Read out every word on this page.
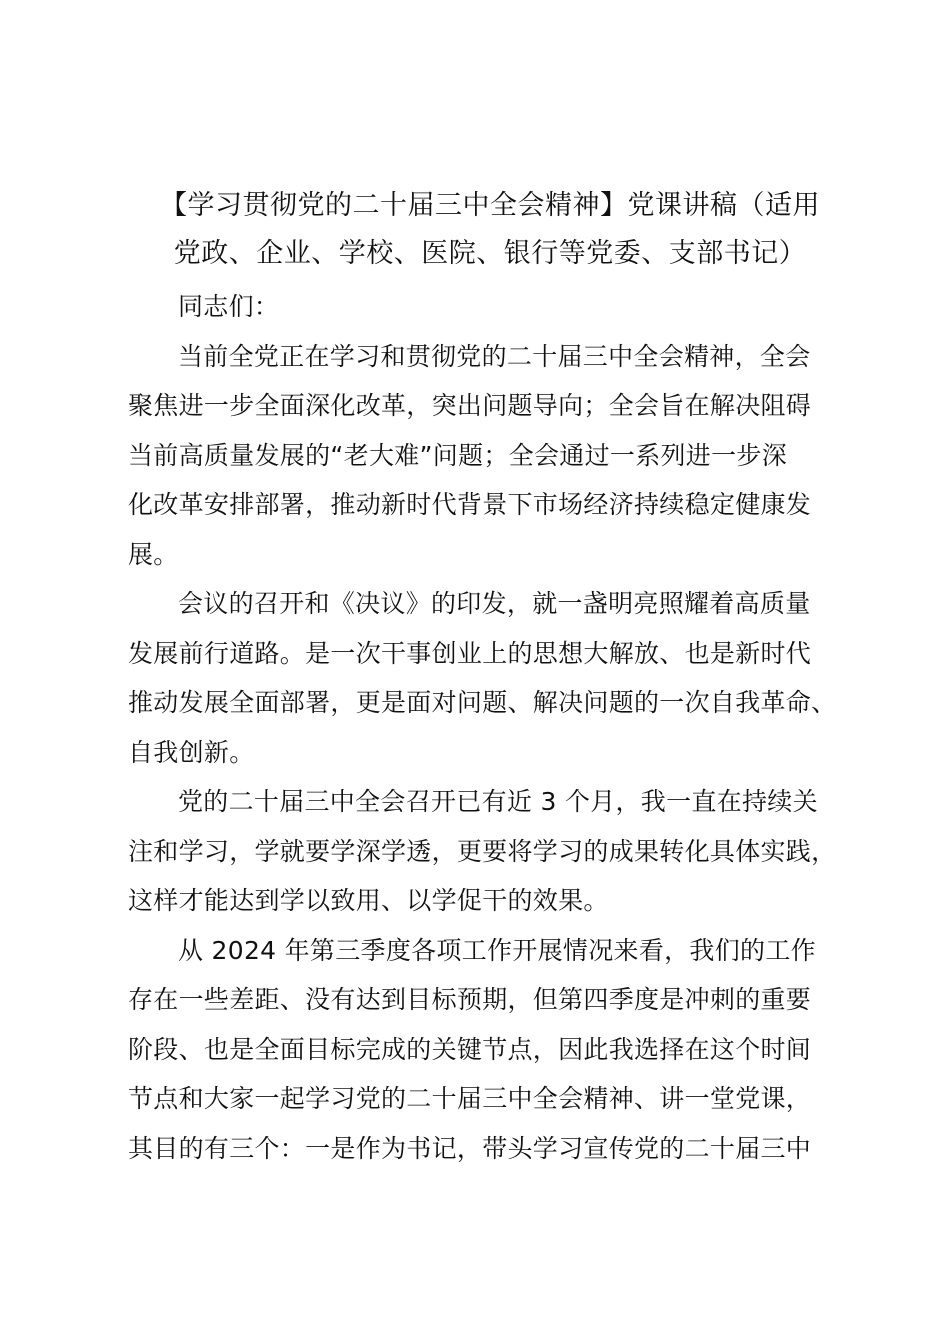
【学习贯彻党的二十届三中全会精神】党课讲稿（适用
党政、企业、学校、医院、银行等党委、支部书记）

同志们：

当前全党正在学习和贯彻党的二十届三中全会精神，全会
聚焦进一步全面深化改革，突出问题导向；全会旨在解决阻碍
当前高质量发展的“老大难”问题；全会通过一系列进一步深
化改革安排部署，推动新时代背景下市场经济持续稳定健康发
展。

会议的召开和《决议》的印发，就一盏明亮照耀着高质量
发展前行道路。是一次干事创业上的思想大解放、也是新时代
推动发展全面部署，更是面对问题、解决问题的一次自我革命、
自我创新。

党的二十届三中全会召开已有近 3 个月，我一直在持续关
注和学习，学就要学深学透，更要将学习的成果转化具体实践，
这样才能达到学以致用、以学促干的效果。

从 2024 年第三季度各项工作开展情况来看，我们的工作
存在一些差距、没有达到目标预期，但第四季度是冲刺的重要
阶段、也是全面目标完成的关键节点，因此我选择在这个时间
节点和大家一起学习党的二十届三中全会精神、讲一堂党课，
其目的有三个：一是作为书记，带头学习宣传党的二十届三中
